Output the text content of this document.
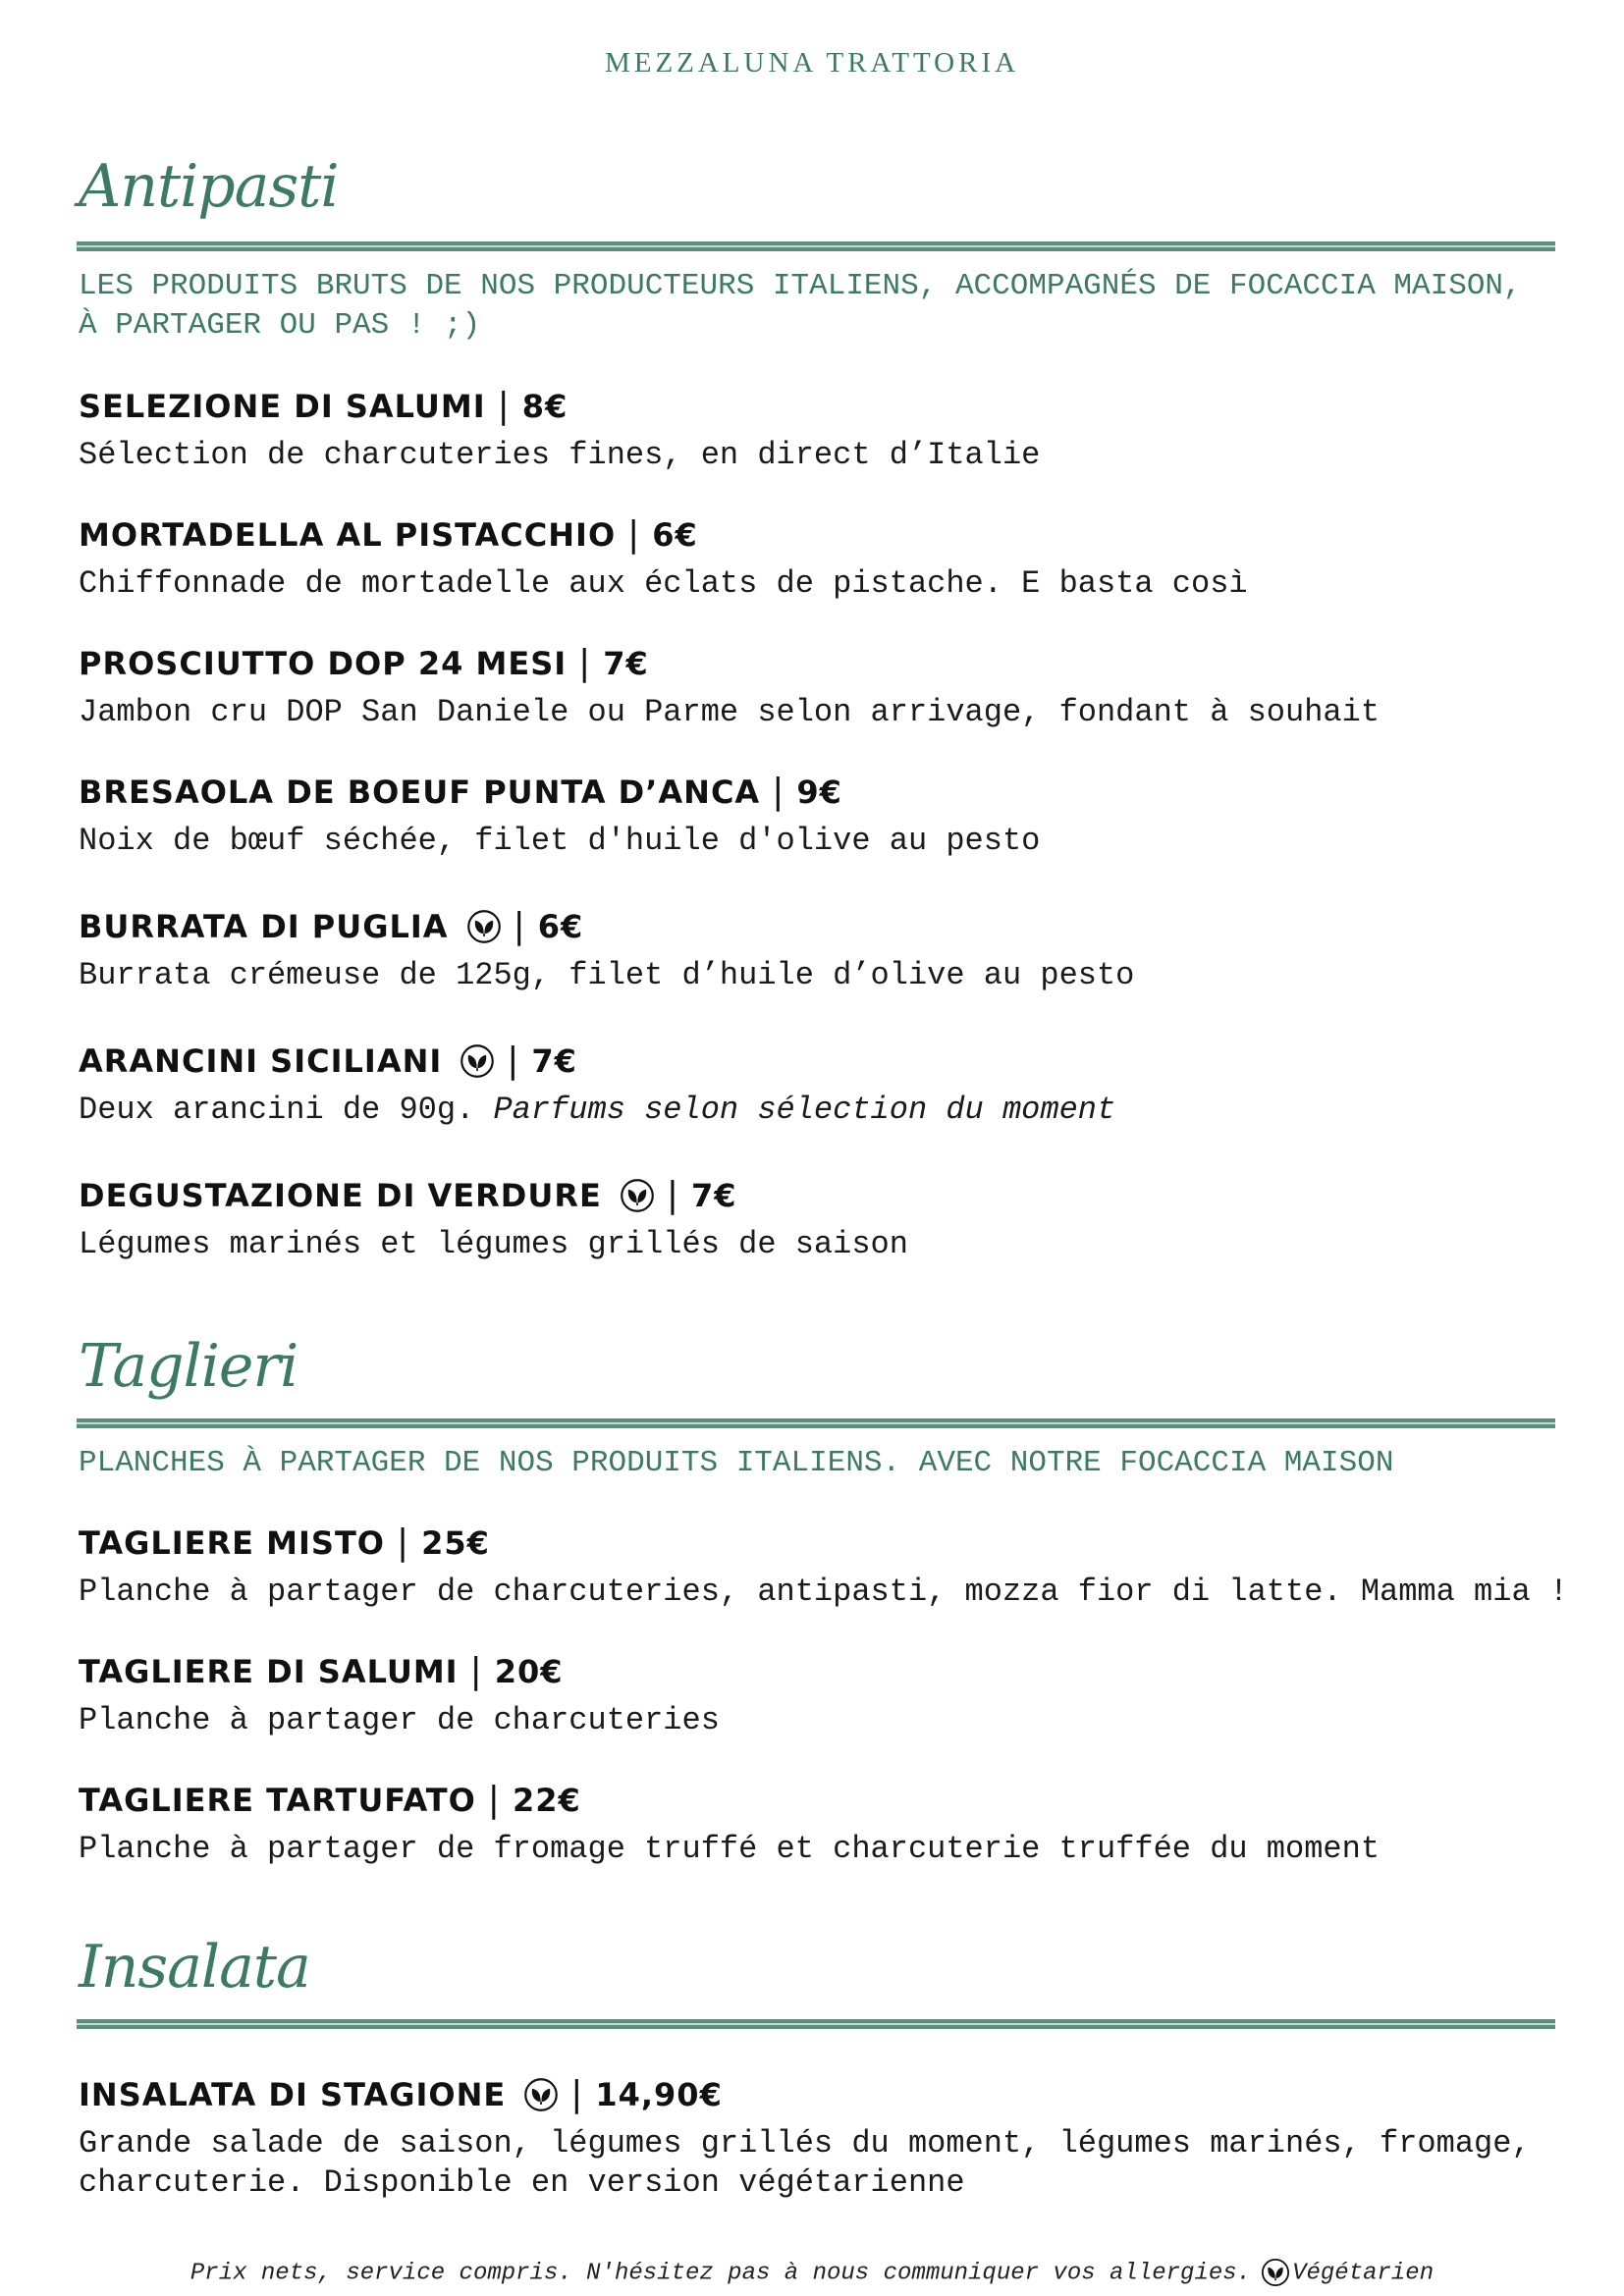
MEZZALUNA TRATTORIA
Antipasti
LES PRODUITS BRUTS DE NOS PRODUCTEURS ITALIENS, ACCOMPAGNÉS DE FOCACCIA MAISON,
À PARTAGER OU PAS ! ;)
SELEZIONE DI SALUMI | 8€
Sélection de charcuteries fines, en direct d’Italie
MORTADELLA AL PISTACCHIO | 6€
Chiffonnade de mortadelle aux éclats de pistache. E basta così
PROSCIUTTO DOP 24 MESI | 7€
Jambon cru DOP San Daniele ou Parme selon arrivage, fondant à souhait
BRESAOLA DE BOEUF PUNTA D’ANCA | 9€
Noix de bœuf séchée, filet d'huile d'olive au pesto
BURRATA DI PUGLIA | 6€
Burrata crémeuse de 125g, filet d’huile d’olive au pesto
ARANCINI SICILIANI | 7€
Deux arancini de 90g. Parfums selon sélection du moment
DEGUSTAZIONE DI VERDURE | 7€
Légumes marinés et légumes grillés de saison
Taglieri
PLANCHES À PARTAGER DE NOS PRODUITS ITALIENS. AVEC NOTRE FOCACCIA MAISON
TAGLIERE MISTO | 25€
Planche à partager de charcuteries, antipasti, mozza fior di latte. Mamma mia !
TAGLIERE DI SALUMI | 20€
Planche à partager de charcuteries
TAGLIERE TARTUFATO | 22€
Planche à partager de fromage truffé et charcuterie truffée du moment
Insalata
INSALATA DI STAGIONE | 14,90€
Grande salade de saison, légumes grillés du moment, légumes marinés, fromage, charcuterie. Disponible en version végétarienne
Prix nets, service compris. N'hésitez pas à nous communiquer vos allergies. Végétarien
